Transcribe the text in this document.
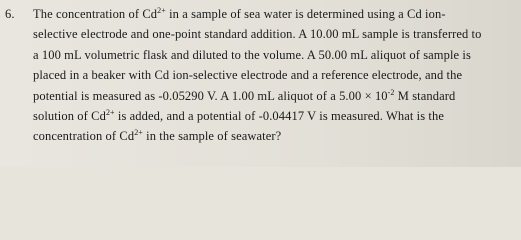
6. The concentration of $Cd^{2+}$ in a sample of sea water is determined using a Cd ion-
selective electrode and one-point standard addition. A 10.00 mL sample is transferred to
a 100 mL volumetric flask and diluted to the volume. A 50.00 mL aliquot of sample is
placed in a beaker with Cd ion-selective electrode and a reference electrode, and the
potential is measured as -0.05290 V. A 1.00 mL aliquot of a $5.00 \times 10^{-2}$ M standard
solution of $Cd^{2+}$ is added, and a potential of -0.04417 V is measured. What is the
concentration of $Cd^{2+}$ in the sample of seawater?
